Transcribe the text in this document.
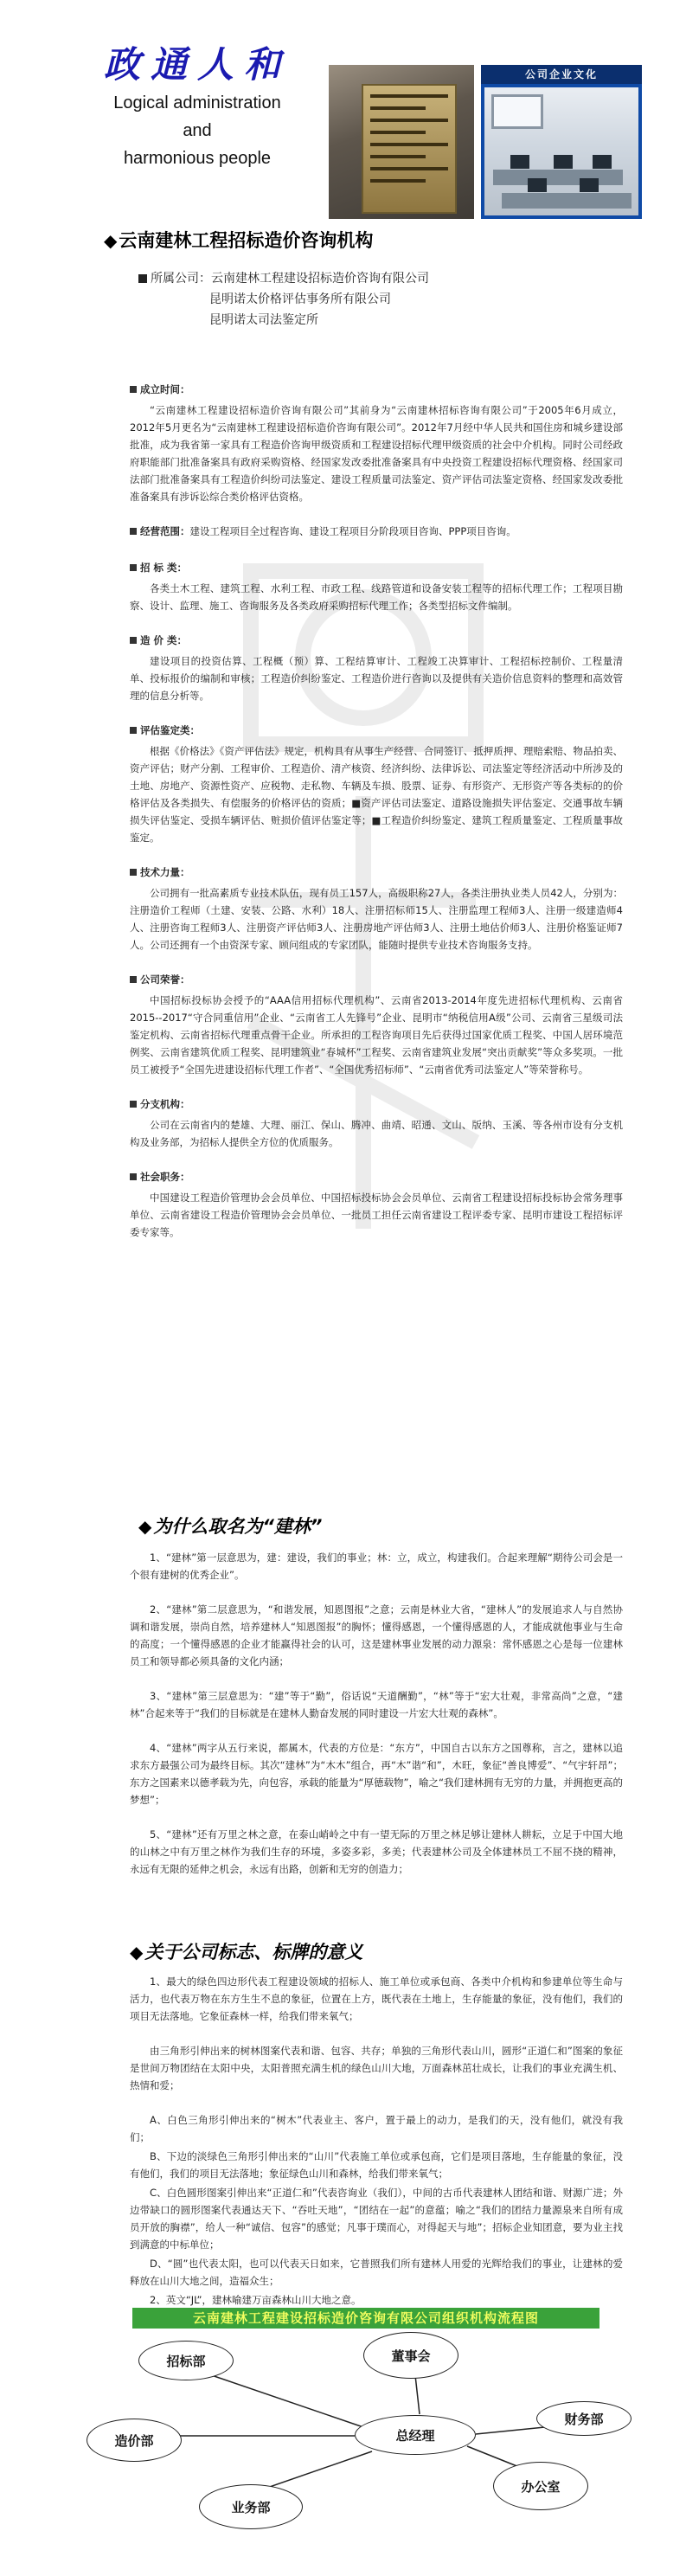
政通人和
Logical administration
and
harmonious people
公司企业文化
◆云南建林工程招标造价咨询机构
所属公司： 云南建林工程建设招标造价咨询有限公司
昆明诺太价格评估事务所有限公司
昆明诺太司法鉴定所
成立时间：

“云南建林工程建设招标造价咨询有限公司”其前身为“云南建林招标咨询有限公司”于2005年6月成立，2012年5月更名为“云南建林工程建设招标造价咨询有限公司”。2012年7月经中华人民共和国住房和城乡建设部批准，成为我省第一家具有工程造价咨询甲级资质和工程建设招标代理甲级资质的社会中介机构。同时公司经政府职能部门批准备案具有政府采购资格、经国家发改委批准备案具有中央投资工程建设招标代理资格、经国家司法部门批准备案具有工程造价纠纷司法鉴定、建设工程质量司法鉴定、资产评估司法鉴定资格、经国家发改委批准备案具有涉诉讼综合类价格评估资格。

经营范围： 建设工程项目全过程咨询、建设工程项目分阶段项目咨询、PPP项目咨询。
招 标 类：

各类土木工程、建筑工程、水利工程、市政工程、线路管道和设备安装工程等的招标代理工作；工程项目勘察、设计、监理、施工、咨询服务及各类政府采购招标代理工作；各类型招标文件编制。

造 价 类：

建设项目的投资估算、工程概（预）算、工程结算审计、工程竣工决算审计、工程招标控制价、工程量清单、投标报价的编制和审核；工程造价纠纷鉴定、工程造价进行咨询以及提供有关造价信息资料的整理和高效管理的信息分析等。

评估鉴定类：

根据《价格法》《资产评估法》规定，机构具有从事生产经营、合同签订、抵押质押、理赔索赔、物品拍卖、资产评估；财产分割、工程审价、工程造价、清产核资、经济纠纷、法律诉讼、司法鉴定等经济活动中所涉及的土地、房地产、资源性资产、应税物、走私物、车辆及车损、股票、证券、有形资产、无形资产等各类标的的价格评估及各类损失、有偿服务的价格评估的资质；■资产评估司法鉴定、道路设施损失评估鉴定、交通事故车辆损失评估鉴定、受损车辆评估、赃损价值评估鉴定等；■工程造价纠纷鉴定、建筑工程质量鉴定、工程质量事故鉴定。

技术力量：

公司拥有一批高素质专业技术队伍，现有员工157人，高级职称27人，各类注册执业类人员42人，分别为：注册造价工程师（土建、安装、公路、水利）18人、注册招标师15人、注册监理工程师3人、注册一级建造师4人、注册咨询工程师3人、注册资产评估师3人、注册房地产评估师3人、注册土地估价师3人、注册价格鉴证师7人。公司还拥有一个由资深专家、顾问组成的专家团队，能随时提供专业技术咨询服务支持。

公司荣誉：

中国招标投标协会授予的“AAA信用招标代理机构”、云南省2013-2014年度先进招标代理机构、云南省2015--2017“守合同重信用”企业、“云南省工人先锋号”企业、昆明市“纳税信用A级”公司、云南省三星级司法鉴定机构、云南省招标代理重点骨干企业。所承担的工程咨询项目先后获得过国家优质工程奖、中国人居环境范例奖、云南省建筑优质工程奖、昆明建筑业“春城杯”工程奖、云南省建筑业发展“突出贡献奖”等众多奖项。一批员工被授予“全国先进建设招标代理工作者”、“全国优秀招标师”、“云南省优秀司法鉴定人”等荣誉称号。

分支机构：

公司在云南省内的楚雄、大理、丽江、保山、腾冲、曲靖、昭通、文山、版纳、玉溪、等各州市设有分支机构及业务部，为招标人提供全方位的优质服务。

社会职务：

中国建设工程造价管理协会会员单位、中国招标投标协会会员单位、云南省工程建设招标投标协会常务理事单位、云南省建设工程造价管理协会会员单位、一批员工担任云南省建设工程评委专家、昆明市建设工程招标评委专家等。

◆为什么取名为“建林”

1、“建林”第一层意思为，建：建设，我们的事业；林：立，成立，构建我们。合起来理解“期待公司会是一个很有建树的优秀企业”。

2、“建林”第二层意思为，“和谐发展，知恩图报”之意；云南是林业大省，“建林人”的发展追求人与自然协调和谐发展，崇尚自然，培养建林人“知恩图报”的胸怀；懂得感恩，一个懂得感恩的人，才能成就他事业与生命的高度；一个懂得感恩的企业才能赢得社会的认可，这是建林事业发展的动力源泉：常怀感恩之心是每一位建林员工和领导都必须具备的文化内涵；

3、“建林”第三层意思为：“建”等于“勤”，俗话说“天道酬勤”，“林”等于“宏大壮观，非常高尚”之意，“建林”合起来等于“我们的目标就是在建林人勤奋发展的同时建设一片宏大壮观的森林”。

4、“建林”两字从五行来说，都属木，代表的方位是：“东方”，中国自古以东方之国尊称，言之，建林以追求东方最强公司为最终目标。其次“建林”为“木木”组合，再“木”谐“和”，木旺，象征“善良博爱”、“气宇轩昂”；东方之国素来以德孝载为先，向包容，承载的能量为“厚德载物”，喻之“我们建林拥有无穷的力量，并拥抱更高的梦想”；

5、“建林”还有万里之林之意，在泰山峭岭之中有一望无际的万里之林足够让建林人耕耘，立足于中国大地的山林之中有万里之林作为我们生存的环境，多姿多彩，多美；代表建林公司及全体建林员工不屈不挠的精神，永远有无限的延伸之机会，永远有出路，创新和无穷的创造力；

◆关于公司标志、标牌的意义

1、最大的绿色四边形代表工程建设领域的招标人、施工单位或承包商、各类中介机构和参建单位等生命与活力，也代表万物在东方生生不息的象征，位置在上方，既代表在土地上，生存能量的象征，没有他们，我们的项目无法落地。它象征森林一样，给我们带来氧气；

由三角形引伸出来的树林图案代表和谐、包容、共存；单独的三角形代表山川，圆形“正道仁和”图案的象征是世间万物团结在太阳中央，太阳普照充满生机的绿色山川大地，万面森林茁壮成长，让我们的事业充满生机、热情和爱；

A、白色三角形引伸出来的“树木”代表业主、客户，置于最上的动力，是我们的天，没有他们，就没有我们；

B、下边的淡绿色三角形引伸出来的“山川”代表施工单位或承包商，它们是项目落地，生存能量的象征，没有他们，我们的项目无法落地；象征绿色山川和森林，给我们带来氧气；

C、白色圆形图案引伸出来“正道仁和”代表咨询业（我们），中间的古币代表建林人团结和谐、财源广进；外边带缺口的圆形图案代表通达天下、“吞吐天地”，“团结在一起”的意蕴；喻之“我们的团结力量源泉来自所有成员开放的胸襟”，给人一种“诚信、包容”的感觉；凡事于璞而心，对得起天与地”；招标企业知团意，要为业主找到满意的中标单位；

D、“圆”也代表太阳，也可以代表天日如来，它普照我们所有建林人用爱的光辉给我们的事业，让建林的爱释放在山川大地之间，造福众生；

2、英文“JL”，建林喻建万亩森林山川大地之意。

云南建林工程建设招标造价咨询有限公司组织机构流程图
招标部	董事会
造价部	总经理
财务部
业务部
办公室
